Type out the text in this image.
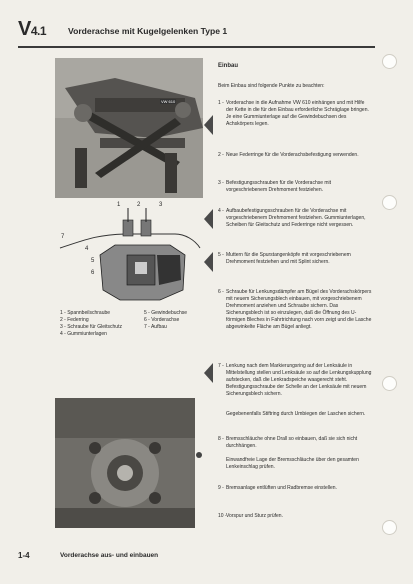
V4.1	Vorderachse mit Kugelgelenken Type 1
VW 610
1	2	3
7
4
5
6
1 - Spannbeilschraube
2 - Federring
3 - Schraube für Gleitschutz
4 - Gummiunterlagen
5 - Gewindebuchse
6 - Vorderachse
7 - Aufbau
Einbau
Beim Einbau sind folgende Punkte zu beachten:
1 - Vorderachse in die Aufnahme VW 610 einhängen und mit Hilfe der Kette in die für den Einbau erforderliche Schräglage bringen. Je eine Gummiunterlage auf die Gewindebuchsen des Achskörpers legen.
2 - Neue Federringe für die Vorderachsbefestigung verwenden.
3 - Befestigungsschrauben für die Vorderachse mit vorgeschriebenem Drehmoment festziehen.
4 - Aufbaubefestigungsschrauben für die Vorderachse mit vorgeschriebenem Drehmoment festziehen. Gummiunterlagen, Scheiben für Gleitschutz und Federringe nicht vergessen.
5 - Muttern für die Spurstangenköpfe mit vorgeschriebenem Drehmoment festziehen und mit Splint sichern.
6 - Schraube für Lenkungsdämpfer am Bügel des Vorderachskörpers mit neuem Sicherungsblech einbauen, mit vorgeschriebenem Drehmoment anziehen und Schraube sichern. Das Sicherungsblech ist so einzulegen, daß die Öffnung des U-förmigen Bleches in Fahrtrichtung nach vorn zeigt und die Lasche abgewinkelte Fläche am Bügel anliegt.
7 - Lenkung nach dem Markierungsring auf der Lenksäule in Mittelstellung stellen und Lenksäule so auf die Lenkungskupplung aufstecken, daß die Lenkradspeiche waagerecht steht. Befestigungsschraube der Schelle an der Lenksäule mit neuem Sicherungsblech sichern.
Gegebenenfalls Stiftring durch Umbiegen der Laschen sichern.
8 - Bremsschläuche ohne Drall so einbauen, daß sie sich nicht durchhängen.
Einwandfreie Lage der Bremsschläuche über den gesamten Lenkeinschlag prüfen.
9 - Bremsanlage entlüften und Radbremse einstellen.
10 - Vorspur und Sturz prüfen.
1-4	Vorderachse aus- und einbauen
